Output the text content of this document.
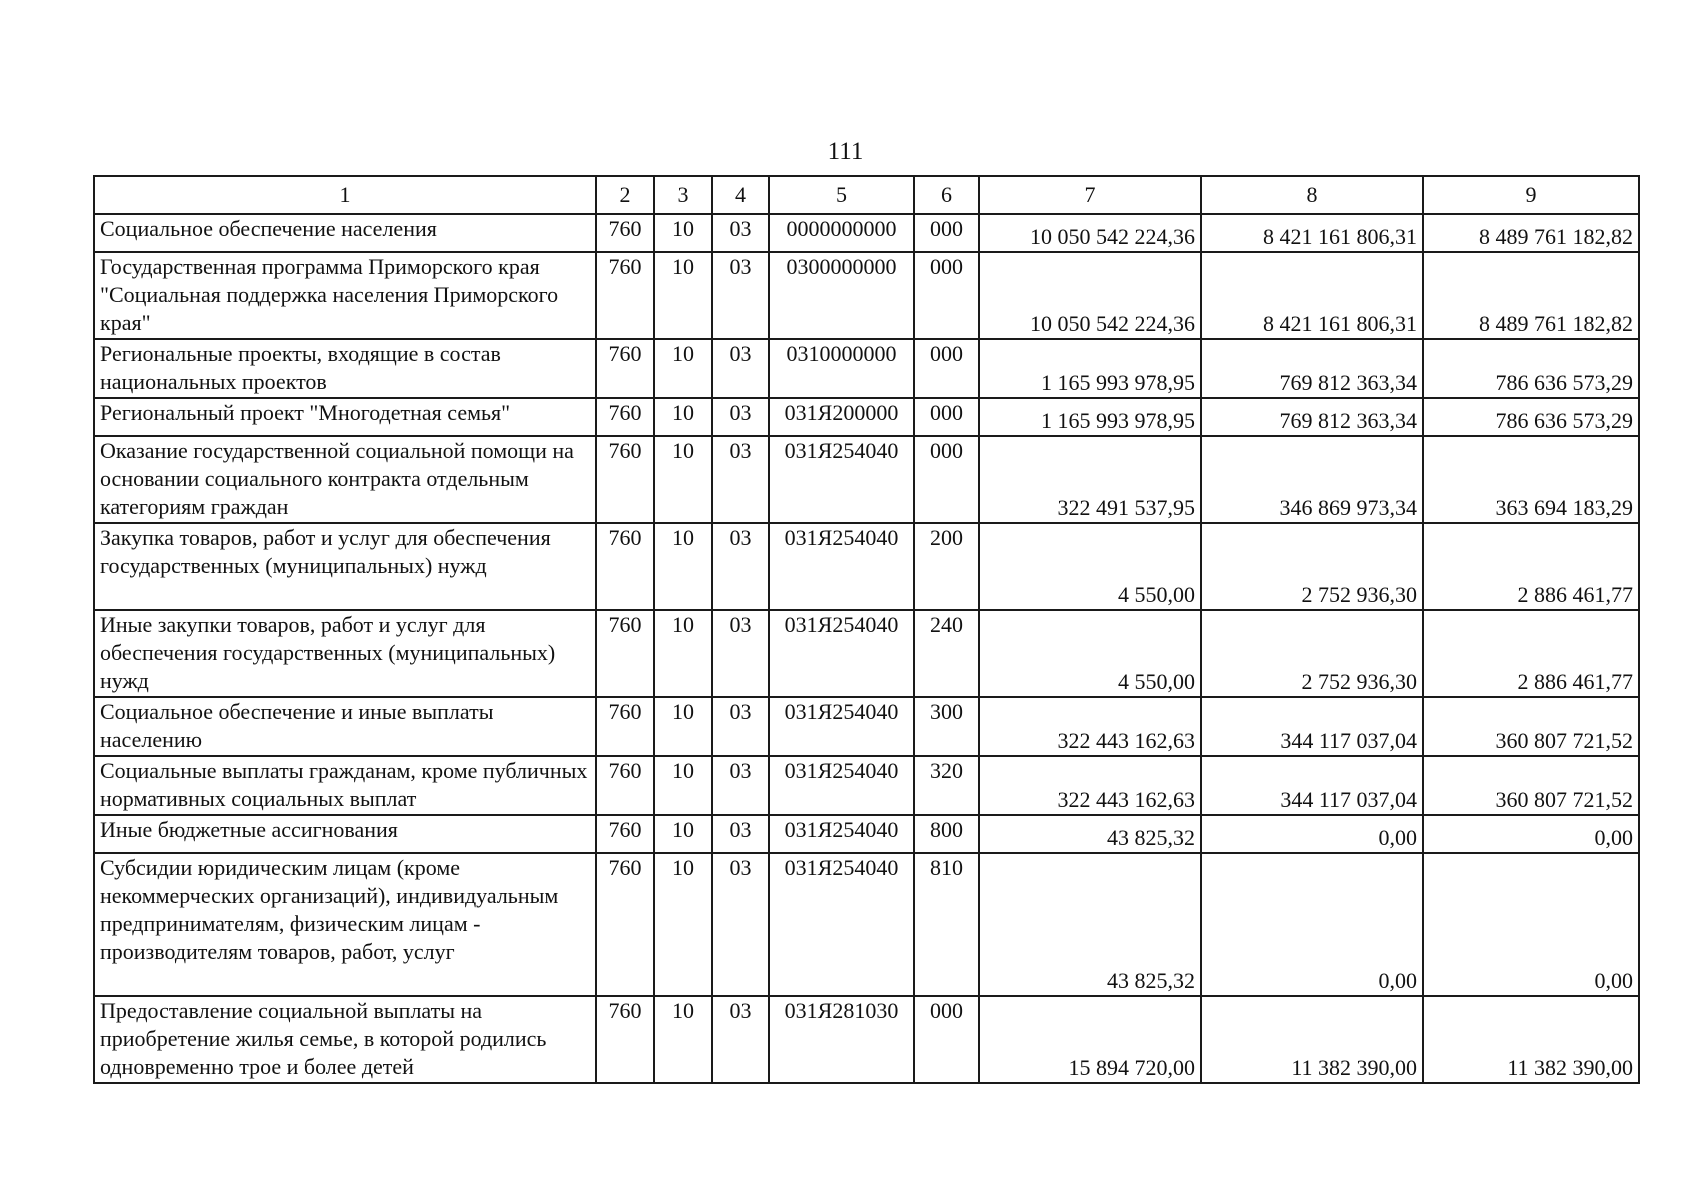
111
1	2	3	4	5	6	7	8	9
Социальное обеспечение населения	760	10	03	0000000000	000	10 050 542 224,36	8 421 161 806,31	8 489 761 182,82
Государственная программа Приморского края "Социальная поддержка населения Приморского края"	760	10	03	0300000000	000	10 050 542 224,36	8 421 161 806,31	8 489 761 182,82
Региональные проекты, входящие в состав национальных проектов	760	10	03	0310000000	000	1 165 993 978,95	769 812 363,34	786 636 573,29
Региональный проект "Многодетная семья"	760	10	03	031Я200000	000	1 165 993 978,95	769 812 363,34	786 636 573,29
Оказание государственной социальной помощи на основании социального контракта отдельным категориям граждан	760	10	03	031Я254040	000	322 491 537,95	346 869 973,34	363 694 183,29
Закупка товаров, работ и услуг для обеспечения государственных (муниципальных) нужд	760	10	03	031Я254040	200	4 550,00	2 752 936,30	2 886 461,77
Иные закупки товаров, работ и услуг для обеспечения государственных (муниципальных) нужд	760	10	03	031Я254040	240	4 550,00	2 752 936,30	2 886 461,77
Социальное обеспечение и иные выплаты населению	760	10	03	031Я254040	300	322 443 162,63	344 117 037,04	360 807 721,52
Социальные выплаты гражданам, кроме публичных нормативных социальных выплат	760	10	03	031Я254040	320	322 443 162,63	344 117 037,04	360 807 721,52
Иные бюджетные ассигнования	760	10	03	031Я254040	800	43 825,32	0,00	0,00
Субсидии юридическим лицам (кроме некоммерческих организаций), индивидуальным предпринимателям, физическим лицам - производителям товаров, работ, услуг	760	10	03	031Я254040	810	43 825,32	0,00	0,00
Предоставление социальной выплаты на приобретение жилья семье, в которой родились одновременно трое и более детей	760	10	03	031Я281030	000	15 894 720,00	11 382 390,00	11 382 390,00
